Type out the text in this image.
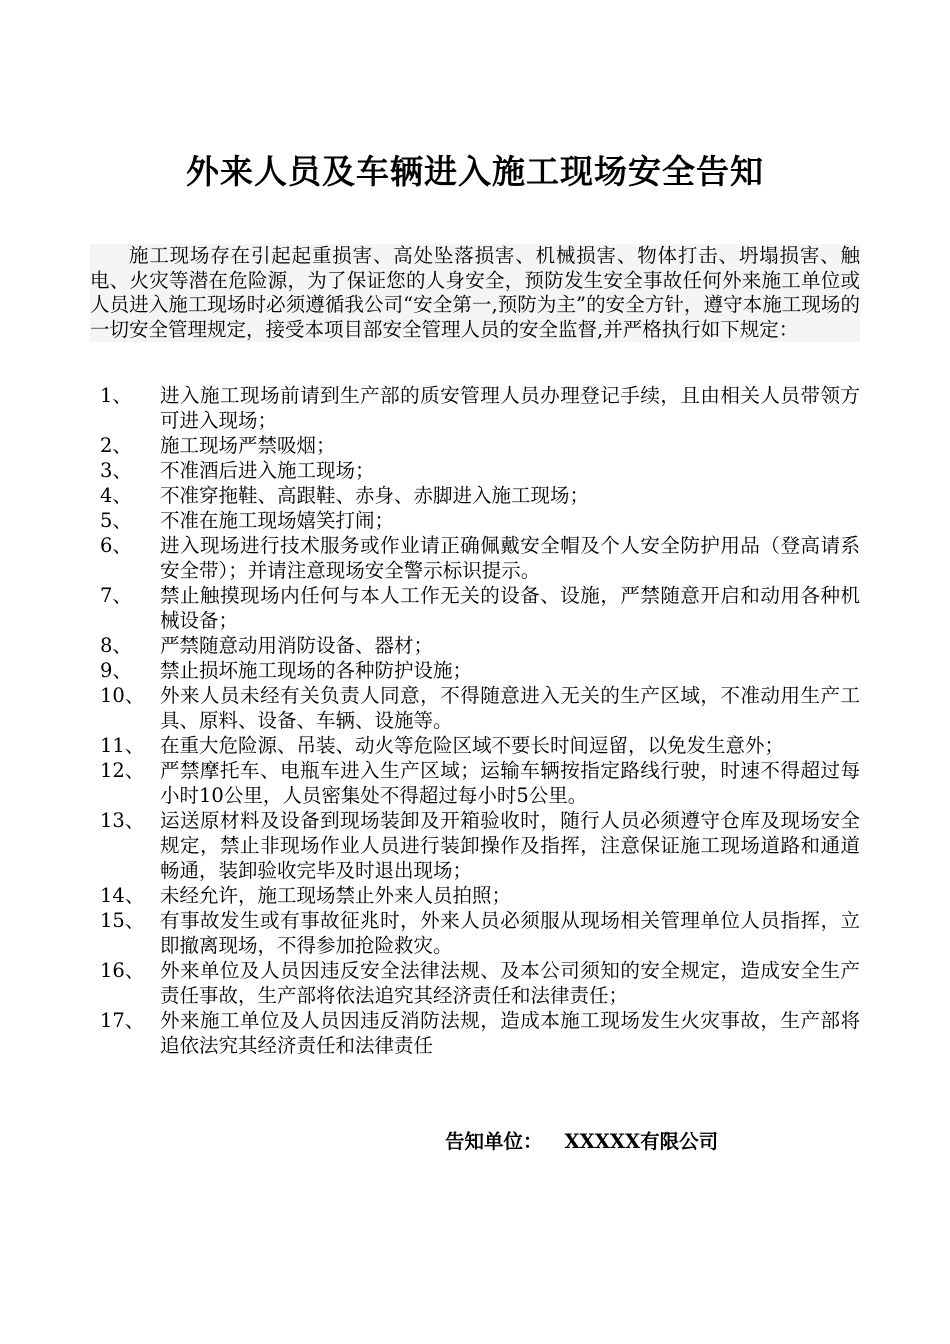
外来人员及车辆进入施工现场安全告知
施工现场存在引起起重损害、高处坠落损害、机械损害、物体打击、坍塌损害、触电、火灾等潜在危险源，为了保证您的人身安全，预防发生安全事故任何外来施工单位或人员进入施工现场时必须遵循我公司“安全第一,预防为主”的安全方针，遵守本施工现场的一切安全管理规定，接受本项目部安全管理人员的安全监督,并严格执行如下规定：
1、	进入施工现场前请到生产部的质安管理人员办理登记手续，且由相关人员带领方可进入现场；
2、	施工现场严禁吸烟；
3、	不准酒后进入施工现场；
4、	不准穿拖鞋、高跟鞋、赤身、赤脚进入施工现场；
5、	不准在施工现场嬉笑打闹；
6、	进入现场进行技术服务或作业请正确佩戴安全帽及个人安全防护用品（登高请系安全带）；并请注意现场安全警示标识提示。
7、	禁止触摸现场内任何与本人工作无关的设备、设施，严禁随意开启和动用各种机械设备；
8、	严禁随意动用消防设备、器材；
9、	禁止损坏施工现场的各种防护设施；
10、 外来人员未经有关负责人同意，不得随意进入无关的生产区域，不准动用生产工具、原料、设备、车辆、设施等。
11、 在重大危险源、吊装、动火等危险区域不要长时间逗留，以免发生意外；
12、 严禁摩托车、电瓶车进入生产区域；运输车辆按指定路线行驶，时速不得超过每小时10公里，人员密集处不得超过每小时5公里。
13、 运送原材料及设备到现场装卸及开箱验收时，随行人员必须遵守仓库及现场安全规定，禁止非现场作业人员进行装卸操作及指挥，注意保证施工现场道路和通道畅通，装卸验收完毕及时退出现场；
14、 未经允许，施工现场禁止外来人员拍照；
15、 有事故发生或有事故征兆时，外来人员必须服从现场相关管理单位人员指挥，立即撤离现场，不得参加抢险救灾。
16、 外来单位及人员因违反安全法律法规、及本公司须知的安全规定，造成安全生产责任事故，生产部将依法追究其经济责任和法律责任；
17、 外来施工单位及人员因违反消防法规，造成本施工现场发生火灾事故，生产部将追依法究其经济责任和法律责任
告知单位： XXXXX有限公司
